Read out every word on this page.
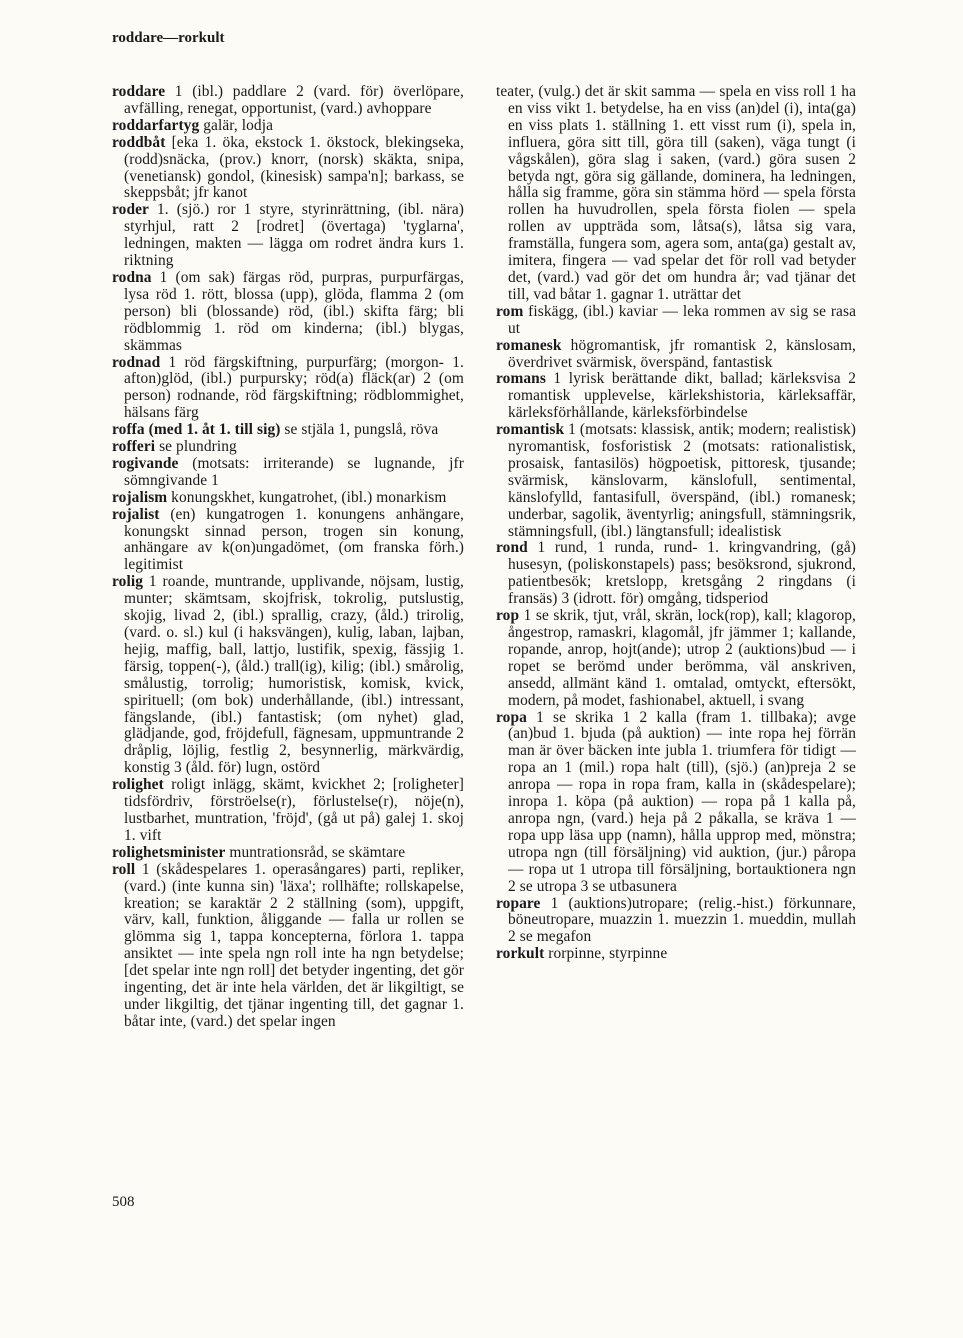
roddare—rorkult

roddare 1 (ibl.) paddlare 2 (vard. för) överlöpare, avfälling, renegat, opportunist, (vard.) avhoppare

roddarfartyg galär, lodja

roddbåt [eka 1. öka, ekstock 1. ökstock, blekingseka, (rodd)snäcka, (prov.) knorr, (norsk) skäkta, snipa, (venetiansk) gondol, (kinesisk) sampa'n]; barkass, se skeppsbåt; jfr kanot

roder 1. (sjö.) ror 1 styre, styrinrättning, (ibl. nära) styrhjul, ratt 2 [rodret] (övertaga) 'tyglarna', ledningen, makten — lägga om rodret ändra kurs 1. riktning

rodna 1 (om sak) färgas röd, purpras, purpurfärgas, lysa röd 1. rött, blossa (upp), glöda, flamma 2 (om person) bli (blossande) röd, (ibl.) skifta färg; bli rödblommig 1. röd om kinderna; (ibl.) blygas, skämmas

rodnad 1 röd färgskiftning, purpurfärg; (morgon- 1. afton)glöd, (ibl.) purpursky; röd(a) fläck(ar) 2 (om person) rodnande, röd färgskiftning; rödblommighet, hälsans färg

roffa (med 1. åt 1. till sig) se stjäla 1, pungslå, röva

rofferi se plundring

rogivande (motsats: irriterande) se lugnande, jfr sömngivande 1

rojalism konungskhet, kungatrohet, (ibl.) monarkism

rojalist (en) kungatrogen 1. konungens anhängare, konungskt sinnad person, trogen sin konung, anhängare av k(on)ungadömet, (om franska förh.) legitimist

rolig 1 roande, muntrande, upplivande, nöjsam, lustig, munter; skämtsam, skojfrisk, tokrolig, putslustig, skojig, livad 2, (ibl.) sprallig, crazy, (åld.) trirolig, (vard. o. sl.) kul (i haksvängen), kulig, laban, lajban, hejig, maffig, ball, lattjo, lustifik, spexig, fässjig 1. färsig, toppen(-), (åld.) trall(ig), kilig; (ibl.) smårolig, smålustig, torrolig; humoristisk, komisk, kvick, spirituell; (om bok) underhållande, (ibl.) intressant, fängslande, (ibl.) fantastisk; (om nyhet) glad, glädjande, god, fröjdefull, fägnesam, uppmuntrande 2 dråplig, löjlig, festlig 2, besynnerlig, märkvärdig, konstig 3 (åld. för) lugn, ostörd

rolighet roligt inlägg, skämt, kvickhet 2; [roligheter] tidsfördriv, förströelse(r), förlustelse(r), nöje(n), lustbarhet, muntration, 'fröjd', (gå ut på) galej 1. skoj 1. vift

rolighetsminister muntrationsråd, se skämtare

roll 1 (skådespelares 1. operasångares) parti, repliker, (vard.) (inte kunna sin) 'läxa'; rollhäfte; rollskapelse, kreation; se karaktär 2 2 ställning (som), uppgift, värv, kall, funktion, åliggande — falla ur rollen se glömma sig 1, tappa koncepterna, förlora 1. tappa ansiktet — inte spela ngn roll inte ha ngn betydelse; [det spelar inte ngn roll] det betyder ingenting, det gör ingenting, det är inte hela världen, det är likgiltigt, se under likgiltig, det tjänar ingenting till, det gagnar 1. båtar inte, (vard.) det spelar ingen

teater, (vulg.) det är skit samma — spela en viss roll 1 ha en viss vikt 1. betydelse, ha en viss (an)del (i), inta(ga) en viss plats 1. ställning 1. ett visst rum (i), spela in, influera, göra sitt till, göra till (saken), väga tungt (i vågskålen), göra slag i saken, (vard.) göra susen 2 betyda ngt, göra sig gällande, dominera, ha ledningen, hålla sig framme, göra sin stämma hörd — spela första rollen ha huvudrollen, spela första fiolen — spela rollen av uppträda som, låtsa(s), låtsa sig vara, framställa, fungera som, agera som, anta(ga) gestalt av, imitera, fingera — vad spelar det för roll vad betyder det, (vard.) vad gör det om hundra år; vad tjänar det till, vad båtar 1. gagnar 1. uträttar det

rom fiskägg, (ibl.) kaviar — leka rommen av sig se rasa ut

romanesk högromantisk, jfr romantisk 2, känslosam, överdrivet svärmisk, överspänd, fantastisk

romans 1 lyrisk berättande dikt, ballad; kärleksvisa 2 romantisk upplevelse, kärlekshistoria, kärleksaffär, kärleksförhållande, kärleksförbindelse

romantisk 1 (motsats: klassisk, antik; modern; realistisk) nyromantisk, fosforistisk 2 (motsats: rationalistisk, prosaisk, fantasilös) högpoetisk, pittoresk, tjusande; svärmisk, känslovarm, känslofull, sentimental, känslofylld, fantasifull, överspänd, (ibl.) romanesk; underbar, sagolik, äventyrlig; aningsfull, stämningsrik, stämningsfull, (ibl.) längtansfull; idealistisk

rond 1 rund, 1 runda, rund- 1. kringvandring, (gå) husesyn, (poliskonstapels) pass; besöksrond, sjukrond, patientbesök; kretslopp, kretsgång 2 ringdans (i fransäs) 3 (idrott. för) omgång, tidsperiod

rop 1 se skrik, tjut, vrål, skrän, lock(rop), kall; klagorop, ångestrop, ramaskri, klagomål, jfr jämmer 1; kallande, ropande, anrop, hojt(ande); utrop 2 (auktions)bud — i ropet se berömd under berömma, väl anskriven, ansedd, allmänt känd 1. omtalad, omtyckt, eftersökt, modern, på modet, fashionabel, aktuell, i svang

ropa 1 se skrika 1 2 kalla (fram 1. tillbaka); avge (an)bud 1. bjuda (på auktion) — inte ropa hej förrän man är över bäcken inte jubla 1. triumfera för tidigt — ropa an 1 (mil.) ropa halt (till), (sjö.) (an)preja 2 se anropa — ropa in ropa fram, kalla in (skådespelare); inropa 1. köpa (på auktion) — ropa på 1 kalla på, anropa ngn, (vard.) heja på 2 påkalla, se kräva 1 — ropa upp läsa upp (namn), hålla upprop med, mönstra; utropa ngn (till försäljning) vid auktion, (jur.) påropa — ropa ut 1 utropa till försäljning, bortauktionera ngn 2 se utropa 3 se utbasunera

ropare 1 (auktions)utropare; (relig.-hist.) förkunnare, böneutropare, muazzin 1. muezzin 1. mueddin, mullah 2 se megafon

rorkult rorpinne, styrpinne

508
